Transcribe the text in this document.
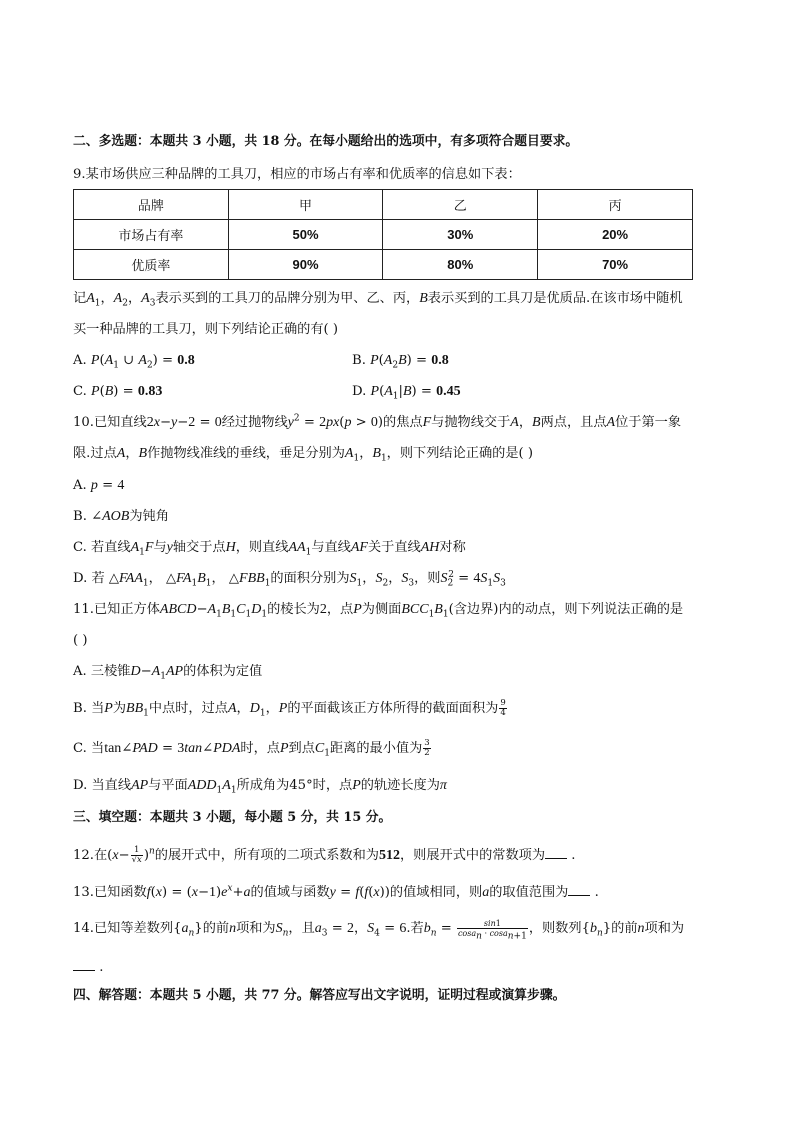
二、多选题：本题共 3 小题，共 18 分。在每小题给出的选项中，有多项符合题目要求。
9.某市场供应三种品牌的工具刀，相应的市场占有率和优质率的信息如下表：
品牌	甲	乙	丙
市场占有率	50%	30%	20%
优质率	90%	80%	70%
记$A_1$，$A_2$，$A_3$表示买到的工具刀的品牌分别为甲、乙、丙，B表示买到的工具刀是优质品.在该市场中随机
买一种品牌的工具刀，则下列结论正确的有( )
A. $P(A_1$ ∪ $A_2) = 0.8$	B. $P(A_2B) = 0.8$
C. P(B) = 0.83	D. $P(A_1|B) = 0.45$
10.已知直线2x−y−2 = 0经过抛物线$y^2 = 2px(p > 0)$的焦点F与抛物线交于A，B两点，且点A位于第一象
限.过点A，B作抛物线准线的垂线，垂足分别为$A_1$，$B_1$，则下列结论正确的是( )
A. p = 4
B. ∠AOB为钝角
C. 若直线$A_1F$与y轴交于点H，则直线$AA_1$与直线AF关于直线AH对称
D. 若 $\triangle FAA_1$， $\triangle FA_1B_1$， $\triangle FBB_1$的面积分别为$S_1$，$S_2$，$S_3$，则$S_2^2 = 4S_1S_3$
11.已知正方体$ABCD-A_1B_1C_1D_1$的棱长为2，点P为侧面$BCC_1B_1$(含边界)内的动点，则下列说法正确的是
( )
A. 三棱锥$D-A_1AP$的体积为定值
B. 当P为$BB_1$中点时，过点A，$D_1$，P的平面截该正方体所得的截面面积为 $\frac{9}{4}$
C. 当tan∠PAD = 3tan∠PDA时，点P到点$C_1$距离的最小值为 $\frac{3}{2}$
D. 当直线AP与平面$ADD_1A_1$所成角为45°时，点P的轨迹长度为π
三、填空题：本题共 3 小题，每小题 5 分，共 15 分。
12.在$(x- \frac{1}{√x} )^n$的展开式中，所有项的二项式系数和为512，则展开式中的常数项为 .
13.已知函数$f(x) = (x-1)e^x+a$的值域与函数y = f(f(x))的值域相同，则a的取值范围为 .
14.已知等差数列$\{a_n\}$的前n项和为$S_n$，且$a_3 = 2$，$S_4 = 6$.若$b_n = \frac{\sin 1}{\cos a_n \cdot \cos a_{n+1}}$ ，则数列$\{b_n\}$的前n项和为
.
四、解答题：本题共 5 小题，共 77 分。解答应写出文字说明，证明过程或演算步骤。
